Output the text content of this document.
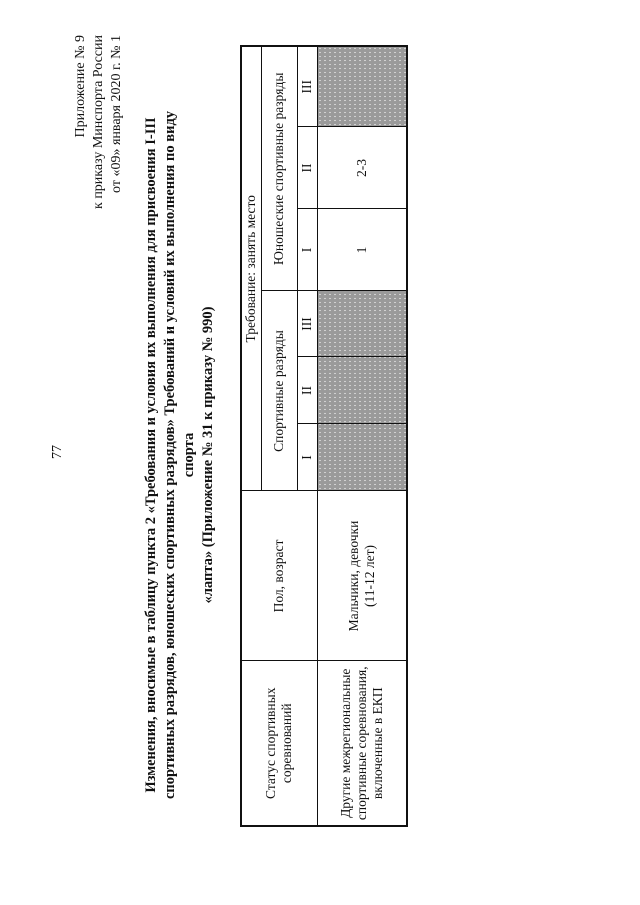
77
Приложение № 9 к приказу Минспорта России от «09» января 2020 г. № 1
Изменения, вносимые в таблицу пункта 2 «Требования и условия их выполнения для присвоения I-III спортивных разрядов, юношеских спортивных разрядов» Требований и условий их выполнения по виду спорта «лапта» (Приложение № 31 к приказу № 990)
Статус спортивных соревнований	Пол, возраст	Требование: занять место					
		Спортивные разряды			Юношеские спортивные разряды		
		I	II	III	I	II	III
Другие межрегиональные спортивные соревнования, включенные в ЕКП	Мальчики, девочки (11-12 лет)				1	2-3	
